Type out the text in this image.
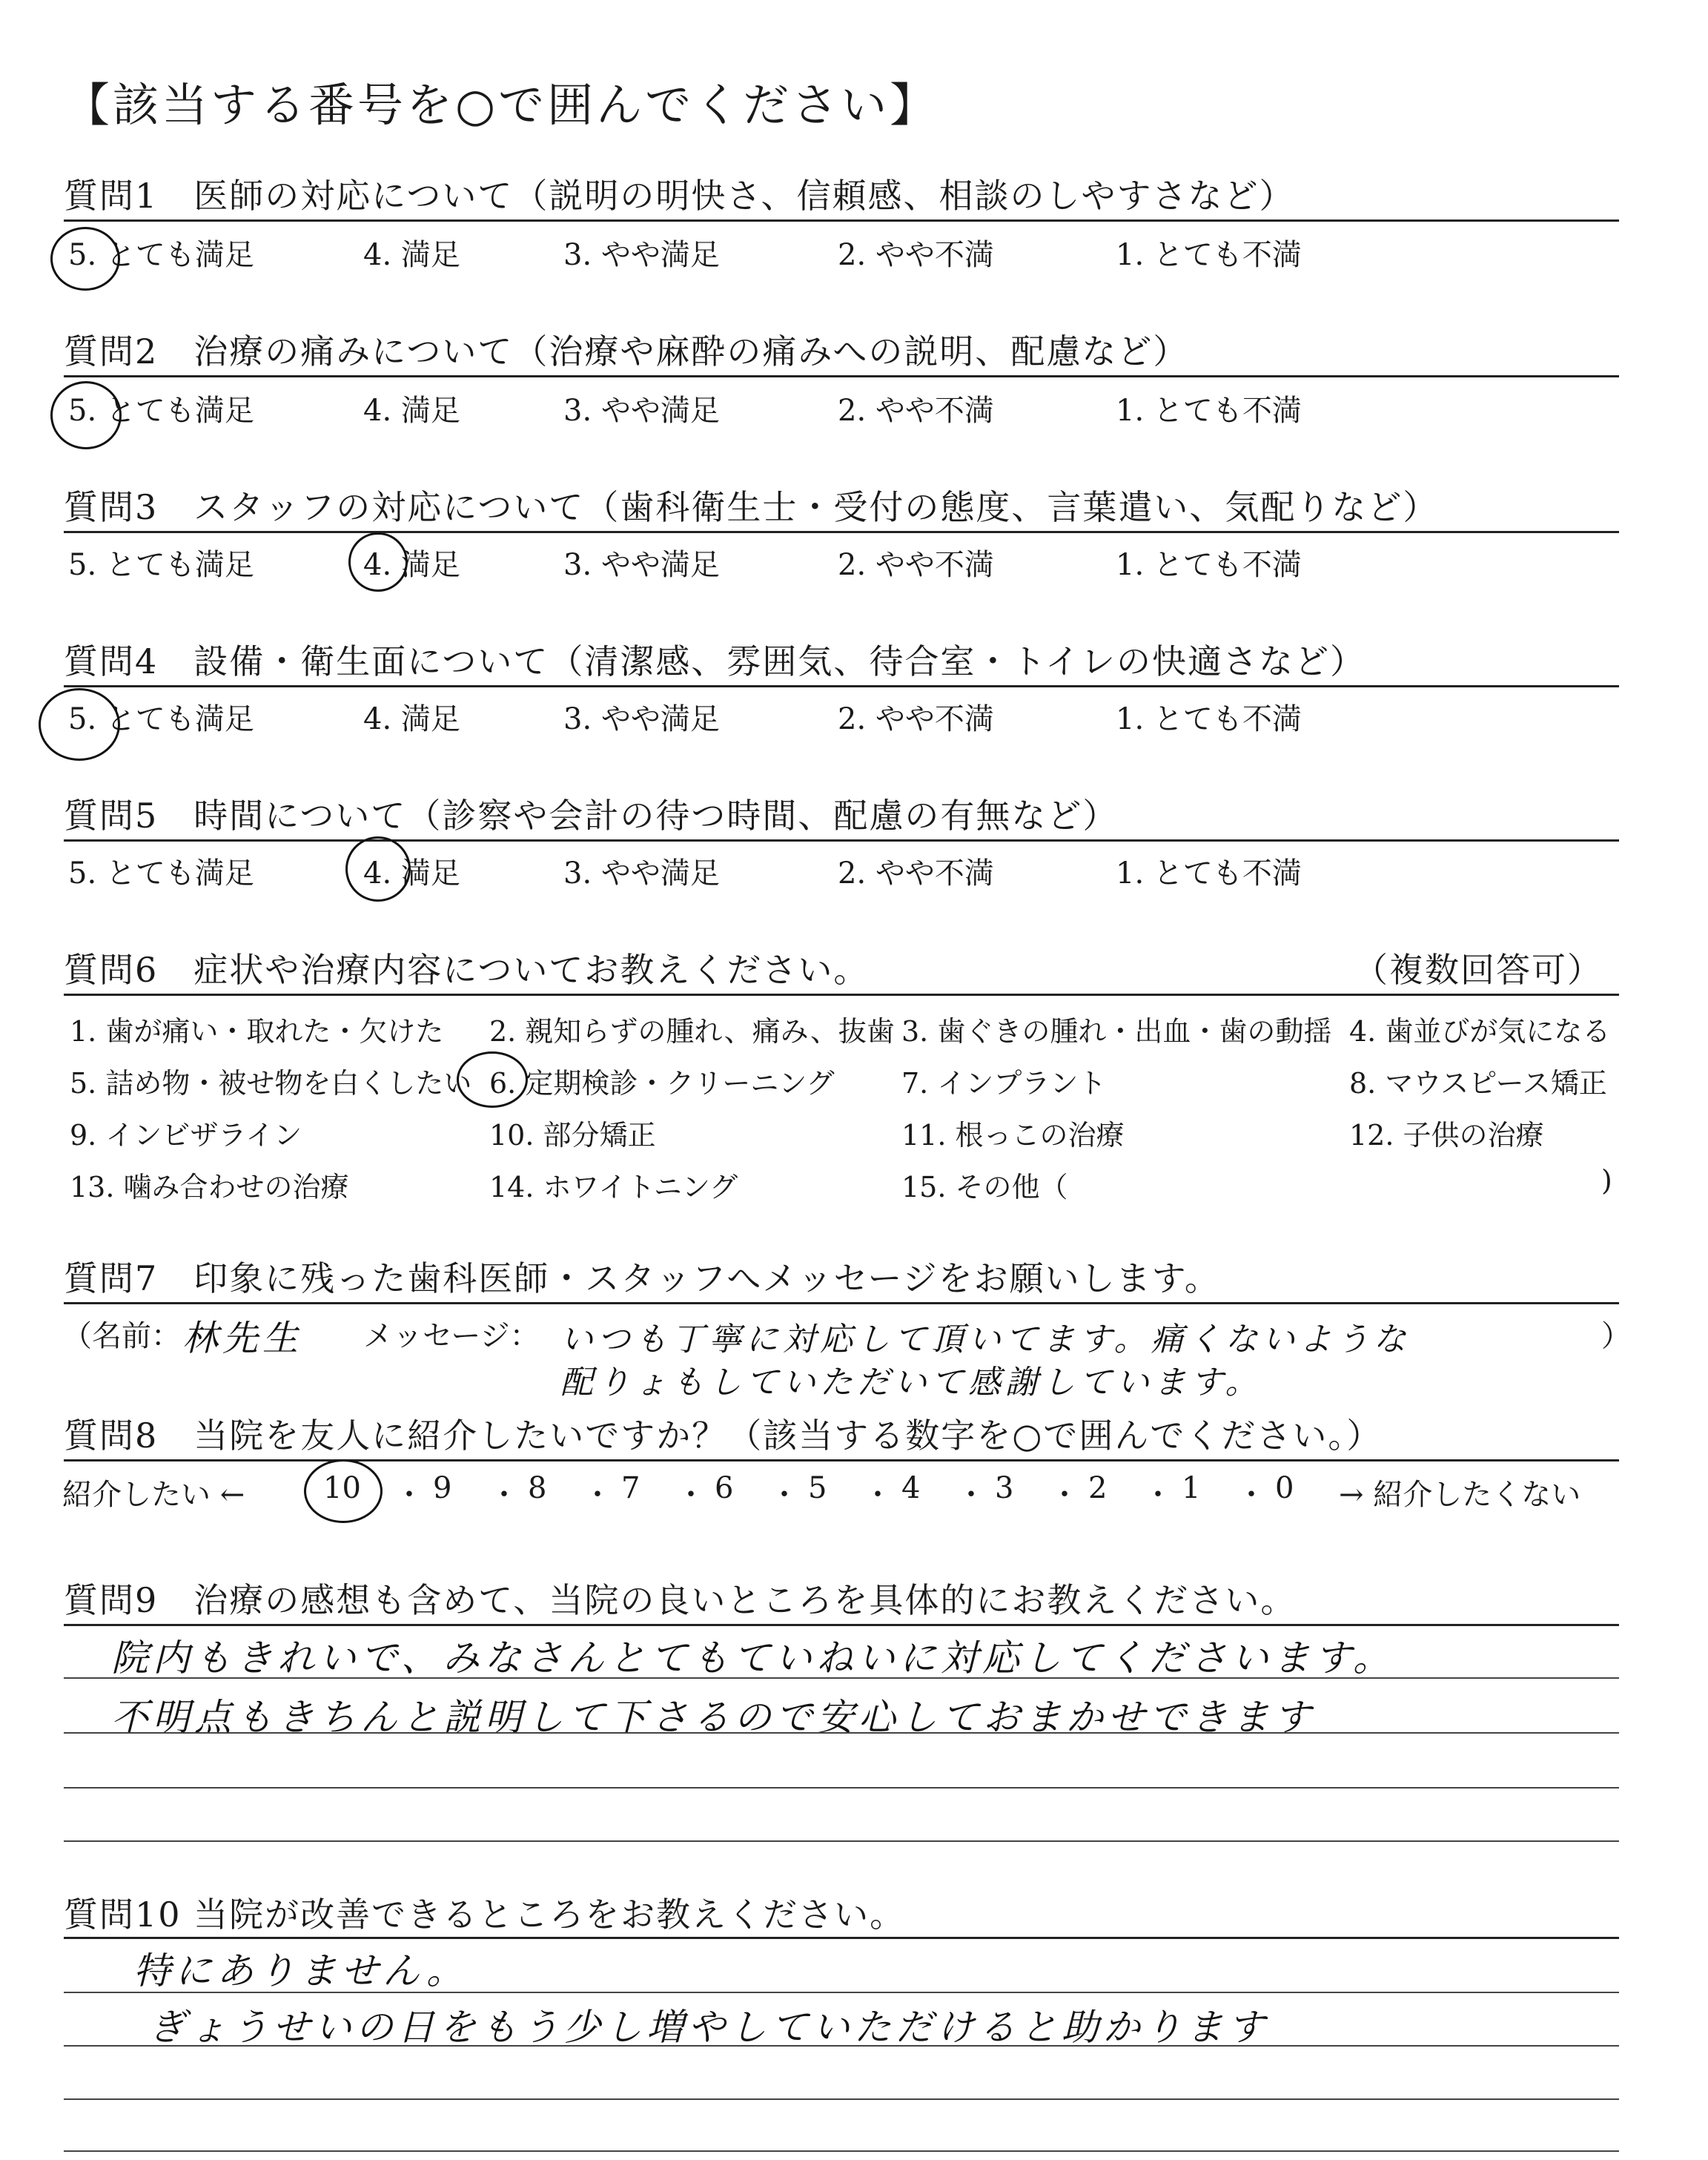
【該当する番号を○で囲んでください】
質問1　医師の対応について（説明の明快さ、信頼感、相談のしやすさなど）
5. とても満足	4. 満足	3. やや満足	2. やや不満	1. とても不満
質問2　治療の痛みについて（治療や麻酔の痛みへの説明、配慮など）
5. とても満足	4. 満足	3. やや満足	2. やや不満	1. とても不満
質問3　スタッフの対応について（歯科衛生士・受付の態度、言葉遣い、気配りなど）
5. とても満足	4. 満足	3. やや満足	2. やや不満	1. とても不満
質問4　設備・衛生面について（清潔感、雰囲気、待合室・トイレの快適さなど）
5. とても満足	4. 満足	3. やや満足	2. やや不満	1. とても不満
質問5　時間について（診察や会計の待つ時間、配慮の有無など）
5. とても満足	4. 満足	3. やや満足	2. やや不満	1. とても不満
質問6　症状や治療内容についてお教えください。	（複数回答可）
1. 歯が痛い・取れた・欠けた 2. 親知らずの腫れ、痛み、抜歯 3. 歯ぐきの腫れ・出血・歯の動揺 4. 歯並びが気になる
5. 詰め物・被せ物を白くしたい 6. 定期検診・クリーニング 7. インプラント	8. マウスピース矯正
9. インビザライン	10. 部分矯正	11. 根っこの治療	12. 子供の治療
13. 噛み合わせの治療	14. ホワイトニング	15. その他（	)
質問7　印象に残った歯科医師・スタッフへメッセージをお願いします。
（名前： 林先生 メッセージ： いつも丁寧に対応して頂いてます。痛くないような
配りょもしていただいて感謝しています。
）
質問8　当院を友人に紹介したいですか？（該当する数字を○で囲んでください。）
紹介したい ←	10 ・ 9 ・ 8 ・ 7 ・ 6 ・ 5 ・ 4 ・ 3 ・ 2 ・ 1 ・ 0 → 紹介したくない
質問9　治療の感想も含めて、当院の良いところを具体的にお教えください。
院内もきれいで、みなさんとてもていねいに対応してくださいます。
不明点もきちんと説明して下さるので安心しておまかせできます
質問10 当院が改善できるところをお教えください。
特にありません。
ぎょうせいの日をもう少し増やしていただけると助かります
